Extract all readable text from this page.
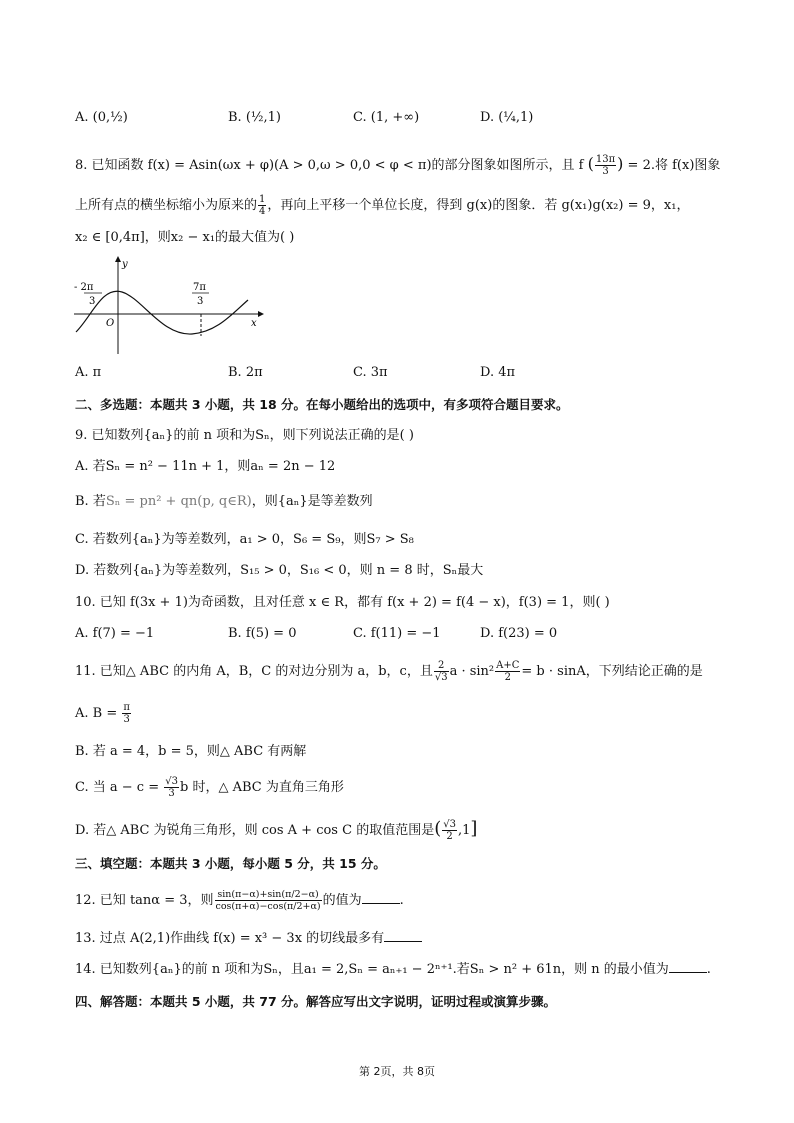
A. (0,½)	B. (½,1)	C. (1, +∞)	D. (¼,1)
8. 已知函数 f(x) = Asin(ωx + φ)(A > 0,ω > 0,0 < φ < π)的部分图象如图所示，且 f ( $\frac{13\pi}{3}$ ) = 2.将 f(x)图象
上所有点的横坐标缩小为原来的 $\frac{1}{4}$ ，再向上平移一个单位长度，得到 g(x)的图象．若 g(x₁)g(x₂) = 9，x₁，
x₂ ∈ [0,4π]，则x₂ − x₁的最大值为( )
y
x
O
- 2π
3
7π
3
A. π	B. 2π	C. 3π	D. 4π
二、多选题：本题共 3 小题，共 18 分。在每小题给出的选项中，有多项符合题目要求。
9. 已知数列{aₙ}的前 n 项和为Sₙ，则下列说法正确的是( )
A. 若Sₙ = n² − 11n + 1，则aₙ = 2n − 12
B. 若Sₙ = pn² + qn(p, q∈R)，则{aₙ}是等差数列
C. 若数列{aₙ}为等差数列，a₁ > 0，S₆ = S₉，则S₇ > S₈
D. 若数列{aₙ}为等差数列，S₁₅ > 0，S₁₆ < 0，则 n = 8 时，Sₙ最大
10. 已知 f(3x + 1)为奇函数，且对任意 x ∈ R，都有 f(x + 2) = f(4 − x)，f(3) = 1，则( )
A. f(7) = −1	B. f(5) = 0	C. f(11) = −1	D. f(23) = 0
11. 已知△ ABC 的内角 A，B，C 的对边分别为 a，b，c，且 $\frac{2}{√3}$ $a \cdot \sin^2 \frac{A+C}{2} = b \cdot \sin A$，下列结论正确的是
A. $B = \frac{\pi}{3}$
B. 若 a = 4，b = 5，则△ ABC 有两解
C. 当 $a - c = \frac{√3}{3}$ b 时，△ ABC 为直角三角形
D. 若△ ABC 为锐角三角形，则 cos A + cos C 的取值范围是( $\frac{√3}{2} ,1$]
三、填空题：本题共 3 小题，每小题 5 分，共 15 分。
12. 已知 tanα = 3，则 $\frac{\sin(\pi-\alpha)+\sin(\pi/2-\alpha)}{\cos(\pi+\alpha)-\cos(\pi/2+\alpha)}$ 的值为	.
13. 过点 A(2,1)作曲线 f(x) = x³ − 3x 的切线最多有
14. 已知数列{aₙ}的前 n 项和为Sₙ，且a₁ = 2,Sₙ = aₙ₊₁ − 2ⁿ⁺¹.若Sₙ > n² + 61n，则 n 的最小值为	.
四、解答题：本题共 5 小题，共 77 分。解答应写出文字说明，证明过程或演算步骤。
第 2页，共 8页
